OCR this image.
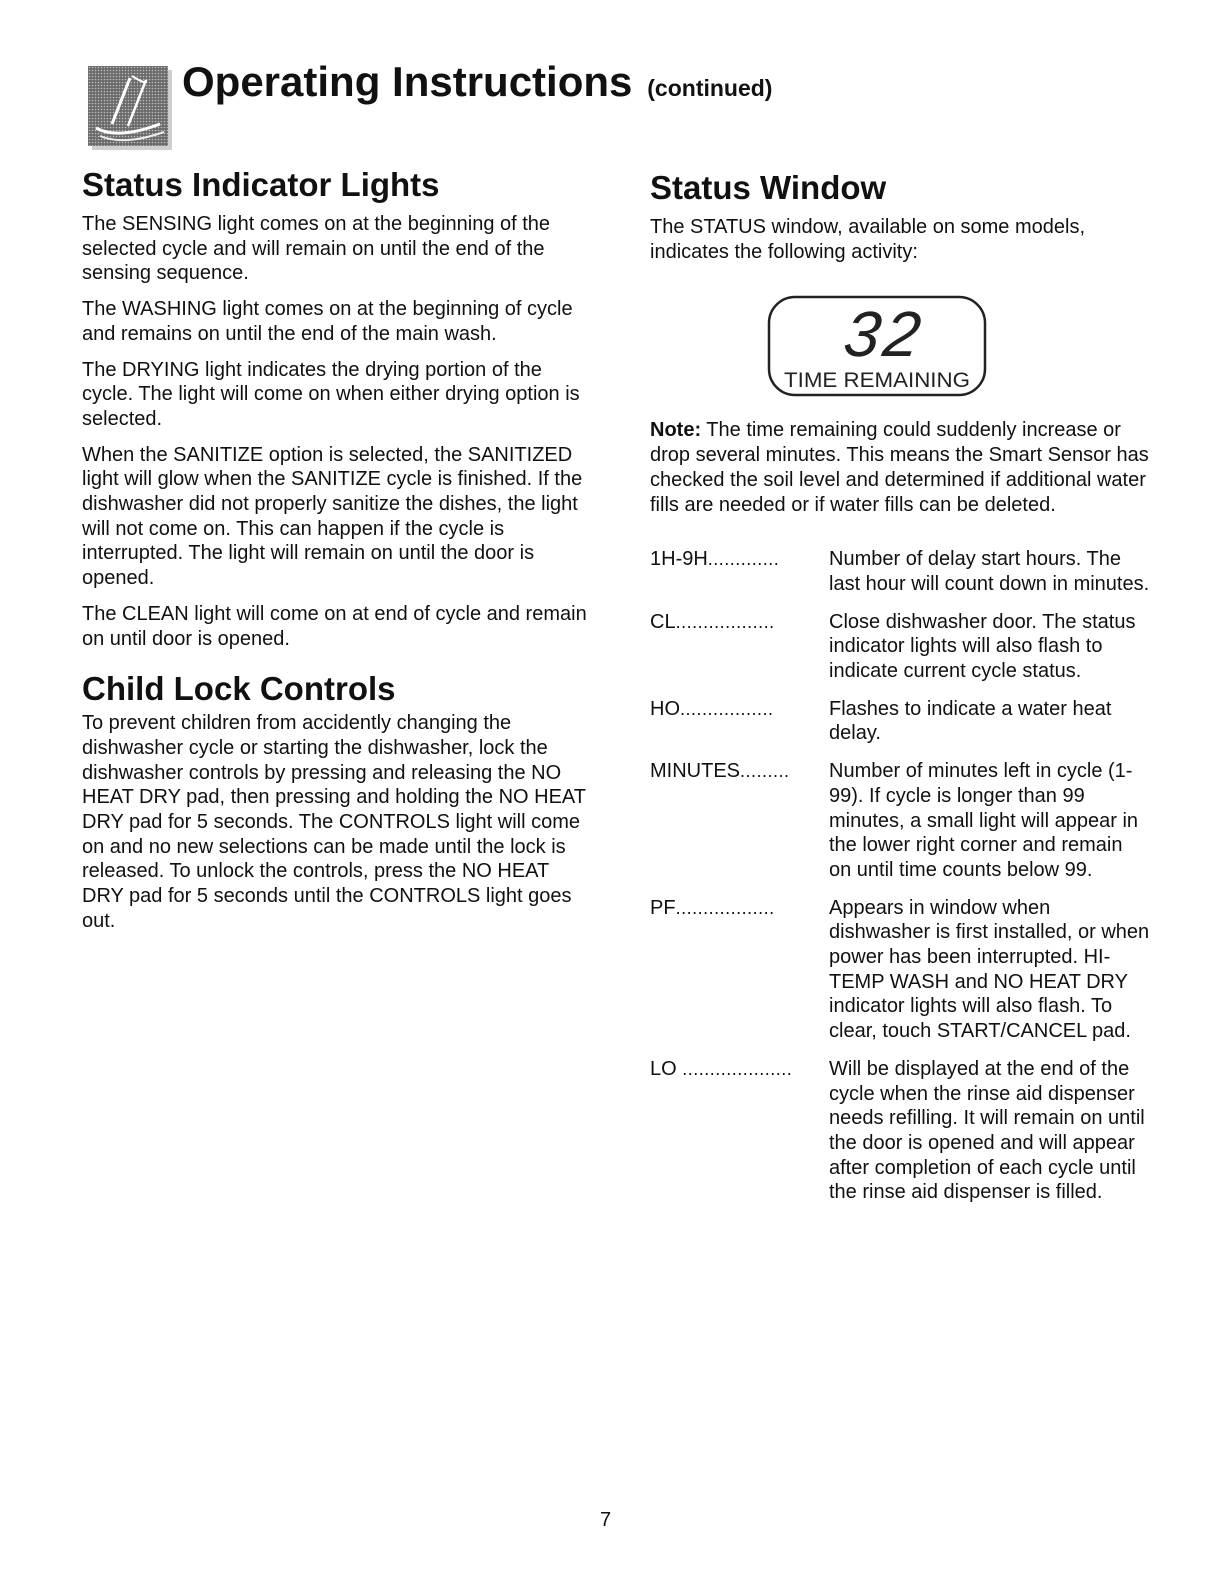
Operating Instructions (continued)
Status Indicator Lights

The SENSING light comes on at the beginning of the selected cycle and will remain on until the end of the sensing sequence.

The WASHING light comes on at the beginning of cycle and remains on until the end of the main wash.

The DRYING light indicates the drying portion of the cycle. The light will come on when either drying option is selected.

When the SANITIZE option is selected, the SANITIZED light will glow when the SANITIZE cycle is finished. If the dishwasher did not properly sanitize the dishes, the light will not come on. This can happen if the cycle is interrupted. The light will remain on until the door is opened.

The CLEAN light will come on at end of cycle and remain on until door is opened.

Child Lock Controls

To prevent children from accidently changing the dishwasher cycle or starting the dishwasher, lock the dishwasher controls by pressing and releasing the NO HEAT DRY pad, then pressing and holding the NO HEAT DRY pad for 5 seconds. The CONTROLS light will come on and no new selections can be made until the lock is released. To unlock the controls, press the NO HEAT DRY pad for 5 seconds until the CONTROLS light goes out.

Status Window

The STATUS window, available on some models, indicates the following activity:

32
TIME REMAINING

Note: The time remaining could suddenly increase or drop several minutes. This means the Smart Sensor has checked the soil level and determined if additional water fills are needed or if water fills can be deleted.

1H-9H.............	Number of delay start hours. The last hour will count down in minutes.
CL..................	Close dishwasher door. The status indicator lights will also flash to indicate current cycle status.
HO.................	Flashes to indicate a water heat delay.
MINUTES.........	Number of minutes left in cycle (1-99). If cycle is longer than 99 minutes, a small light will appear in the lower right corner and remain on until time counts below 99.
PF..................	Appears in window when dishwasher is first installed, or when power has been interrupted. HI-TEMP WASH and NO HEAT DRY indicator lights will also flash. To clear, touch START/CANCEL pad.
LO ....................	Will be displayed at the end of the cycle when the rinse aid dispenser needs refilling. It will remain on until the door is opened and will appear after completion of each cycle until the rinse aid dispenser is filled.
7
